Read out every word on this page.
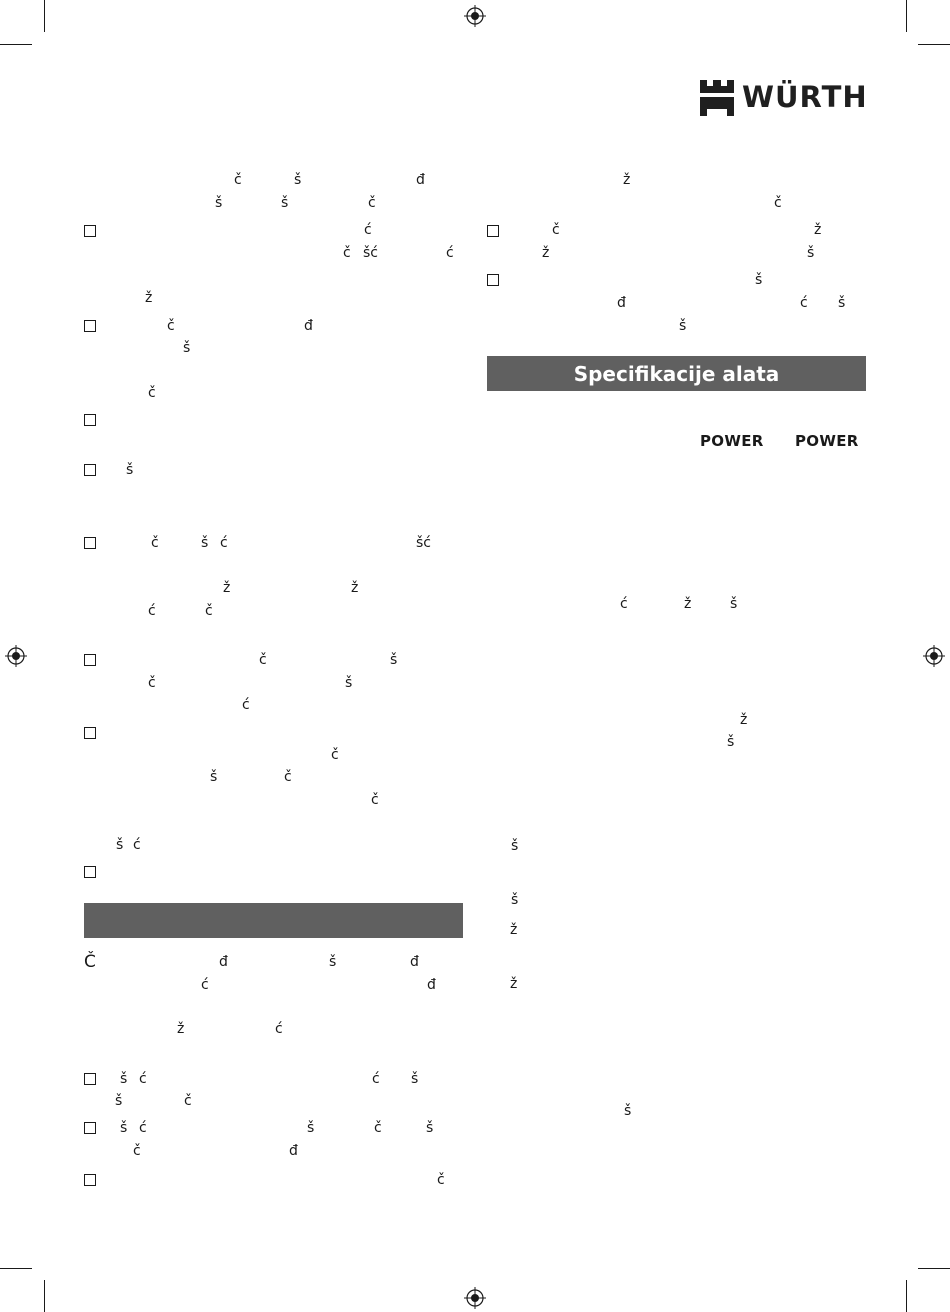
WÜRTH
Specifikacije alata
POWER POWER
č	š	đ
š	š	č
ć
č šć	ć
ž
č	đ
š
č
š
č	š ć	šć
ž	ž
ć	č
č	š
č	š
ć
č
š	č
č
š ć
Č	đ	š	đ
ć	đ
ž	ć
š ć	ć š
š	č
š ć	š	č	š
č	đ
č
ž
č
č	ž
ž	š
š
đ	ć š
š
ć	ž	š
ž
š
š
š
ž
ž
š
